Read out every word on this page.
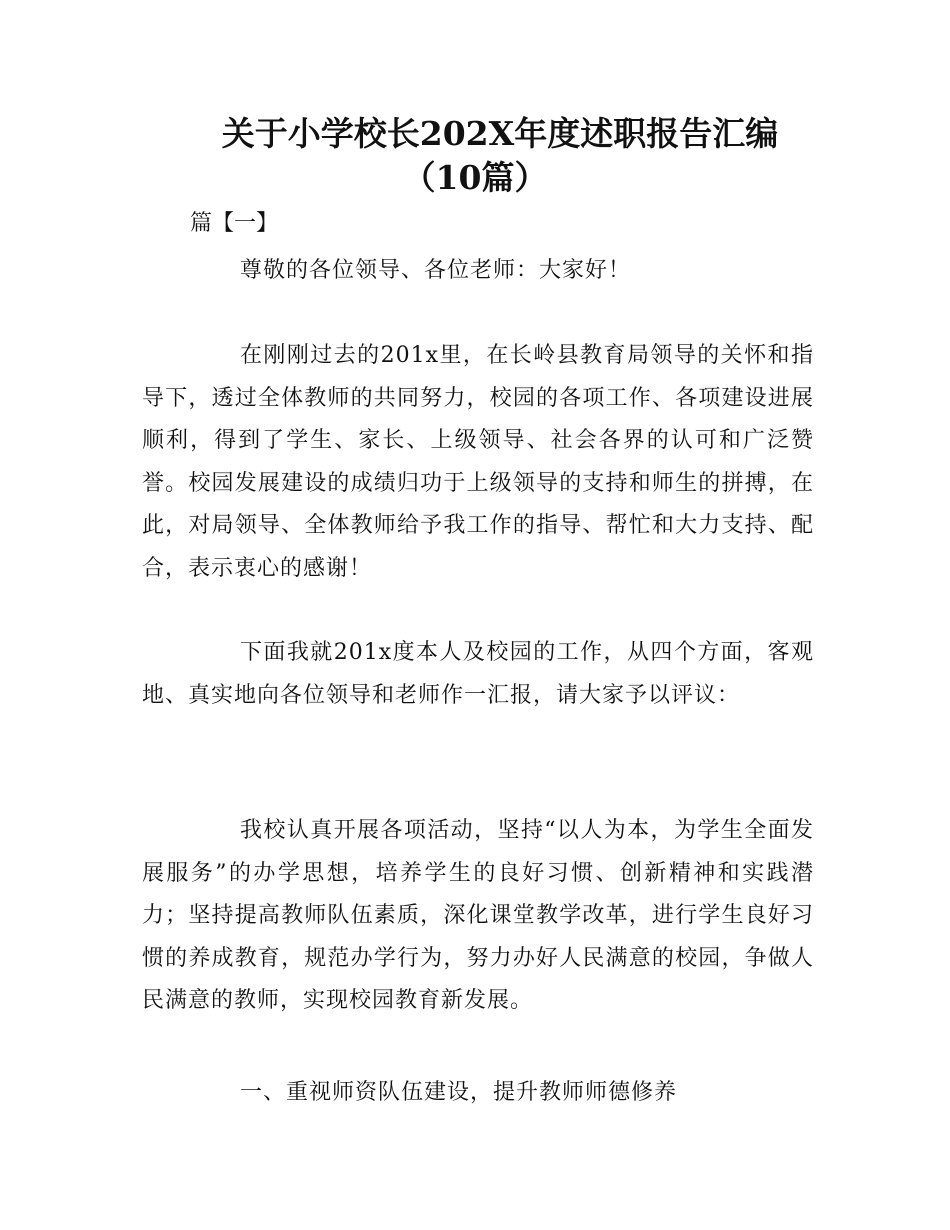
关于小学校长202X年度述职报告汇编
（10篇）
篇【一】

尊敬的各位领导、各位老师：大家好！

在刚刚过去的201x里，在长岭县教育局领导的关怀和指导下，透过全体教师的共同努力，校园的各项工作、各项建设进展顺利，得到了学生、家长、上级领导、社会各界的认可和广泛赞誉。校园发展建设的成绩归功于上级领导的支持和师生的拼搏，在此，对局领导、全体教师给予我工作的指导、帮忙和大力支持、配合，表示衷心的感谢！

下面我就201x度本人及校园的工作，从四个方面，客观地、真实地向各位领导和老师作一汇报，请大家予以评议：

我校认真开展各项活动，坚持“以人为本，为学生全面发展服务”的办学思想，培养学生的良好习惯、创新精神和实践潜力；坚持提高教师队伍素质，深化课堂教学改革，进行学生良好习惯的养成教育，规范办学行为，努力办好人民满意的校园，争做人民满意的教师，实现校园教育新发展。

一、重视师资队伍建设，提升教师师德修养
